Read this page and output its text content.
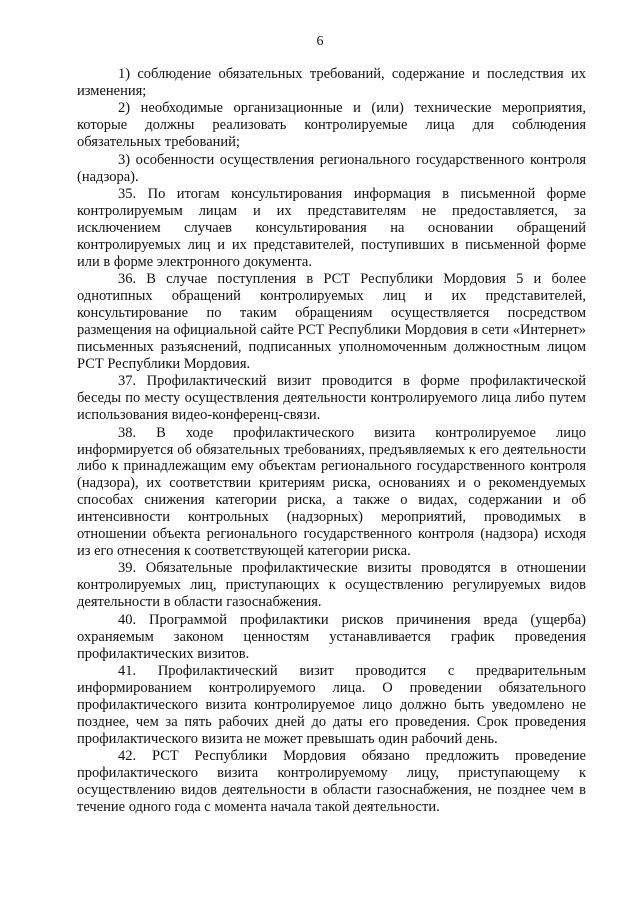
6

1) соблюдение обязательных требований, содержание и последствия их изменения;

2) необходимые организационные и (или) технические мероприятия, которые должны реализовать контролируемые лица для соблюдения обязательных требований;

3) особенности осуществления регионального государственного контроля (надзора).

35. По итогам консультирования информация в письменной форме контролируемым лицам и их представителям не предоставляется, за исключением случаев консультирования на основании обращений контролируемых лиц и их представителей, поступивших в письменной форме или в форме электронного документа.

36. В случае поступления в РСТ Республики Мордовия 5 и более однотипных обращений контролируемых лиц и их представителей, консультирование по таким обращениям осуществляется посредством размещения на официальной сайте РСТ Республики Мордовия в сети «Интернет» письменных разъяснений, подписанных уполномоченным должностным лицом РСТ Республики Мордовия.

37. Профилактический визит проводится в форме профилактической беседы по месту осуществления деятельности контролируемого лица либо путем использования видео-конференц-связи.

38. В ходе профилактического визита контролируемое лицо информируется об обязательных требованиях, предъявляемых к его деятельности либо к принадлежащим ему объектам регионального государственного контроля (надзора), их соответствии критериям риска, основаниях и о рекомендуемых способах снижения категории риска, а также о видах, содержании и об интенсивности контрольных (надзорных) мероприятий, проводимых в отношении объекта регионального государственного контроля (надзора) исходя из его отнесения к соответствующей категории риска.

39. Обязательные профилактические визиты проводятся в отношении контролируемых лиц, приступающих к осуществлению регулируемых видов деятельности в области газоснабжения.

40. Программой профилактики рисков причинения вреда (ущерба) охраняемым законом ценностям устанавливается график проведения профилактических визитов.

41. Профилактический визит проводится с предварительным информированием контролируемого лица. О проведении обязательного профилактического визита контролируемое лицо должно быть уведомлено не позднее, чем за пять рабочих дней до даты его проведения. Срок проведения профилактического визита не может превышать один рабочий день.

42. РСТ Республики Мордовия обязано предложить проведение профилактического визита контролируемому лицу, приступающему к осуществлению видов деятельности в области газоснабжения, не позднее чем в течение одного года с момента начала такой деятельности.
